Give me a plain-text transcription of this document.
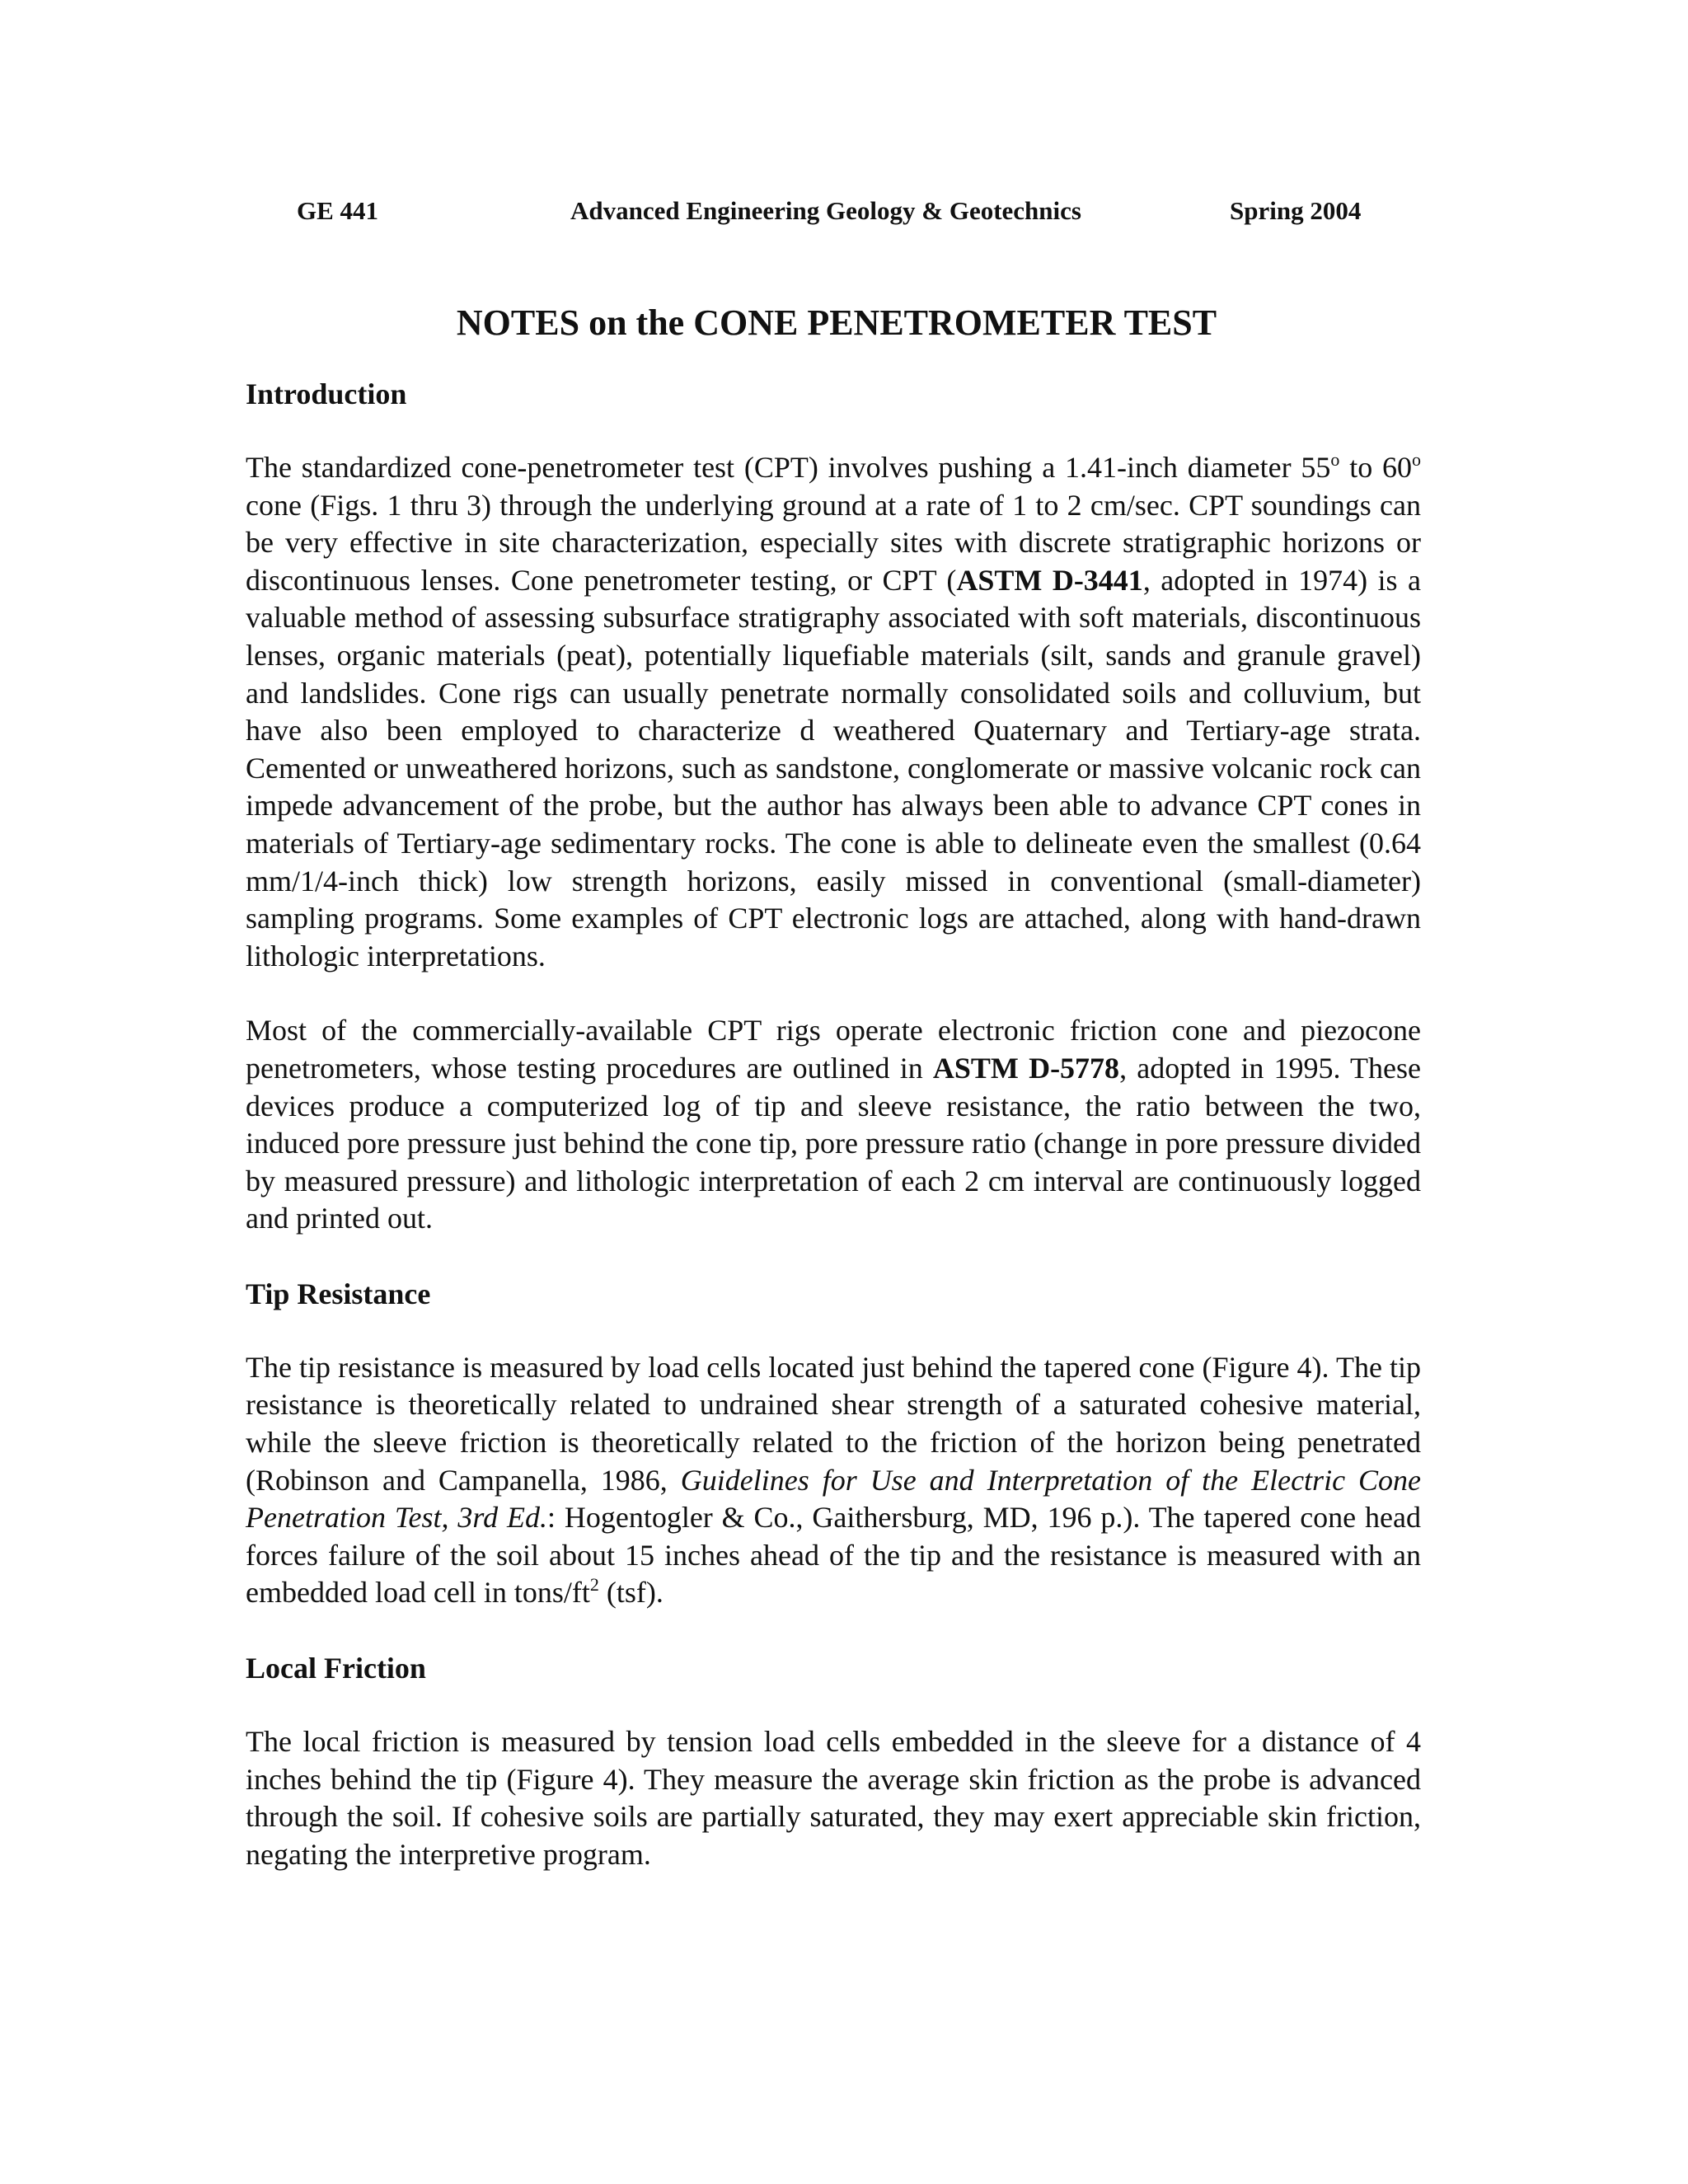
GE 441	Advanced Engineering Geology & Geotechnics	Spring 2004
NOTES on the CONE PENETROMETER TEST
Introduction
The standardized cone-penetrometer test (CPT) involves pushing a 1.41-inch diameter 55$^o$ to 60$^o$ cone (Figs. 1 thru 3) through the underlying ground at a rate of 1 to 2 cm/sec. CPT soundings can be very effective in site characterization, especially sites with discrete stratigraphic horizons or discontinuous lenses. Cone penetrometer testing, or CPT (ASTM D-3441, adopted in 1974) is a valuable method of assessing subsurface stratigraphy associated with soft materials, discontinuous lenses, organic materials (peat), potentially liquefiable materials (silt, sands and granule gravel) and landslides. Cone rigs can usually penetrate normally consolidated soils and colluvium, but have also been employed to characterize d weathered Quaternary and Tertiary-age strata. Cemented or unweathered horizons, such as sandstone, conglomerate or massive volcanic rock can impede advancement of the probe, but the author has always been able to advance CPT cones in materials of Tertiary-age sedimentary rocks. The cone is able to delineate even the smallest (0.64 mm/1/4-inch thick) low strength horizons, easily missed in conventional (small-diameter) sampling programs. Some examples of CPT electronic logs are attached, along with hand-drawn lithologic interpretations.
Most of the commercially-available CPT rigs operate electronic friction cone and piezocone penetrometers, whose testing procedures are outlined in ASTM D-5778, adopted in 1995. These devices produce a computerized log of tip and sleeve resistance, the ratio between the two, induced pore pressure just behind the cone tip, pore pressure ratio (change in pore pressure divided by measured pressure) and lithologic interpretation of each 2 cm interval are continuously logged and printed out.
Tip Resistance
The tip resistance is measured by load cells located just behind the tapered cone (Figure 4). The tip resistance is theoretically related to undrained shear strength of a saturated cohesive material, while the sleeve friction is theoretically related to the friction of the horizon being penetrated (Robinson and Campanella, 1986, Guidelines for Use and Interpretation of the Electric Cone Penetration Test, 3rd Ed.: Hogentogler & Co., Gaithersburg, MD, 196 p.). The tapered cone head forces failure of the soil about 15 inches ahead of the tip and the resistance is measured with an embedded load cell in tons/$ft^2$ (tsf).
Local Friction
The local friction is measured by tension load cells embedded in the sleeve for a distance of 4 inches behind the tip (Figure 4). They measure the average skin friction as the probe is advanced through the soil. If cohesive soils are partially saturated, they may exert appreciable skin friction, negating the interpretive program.
